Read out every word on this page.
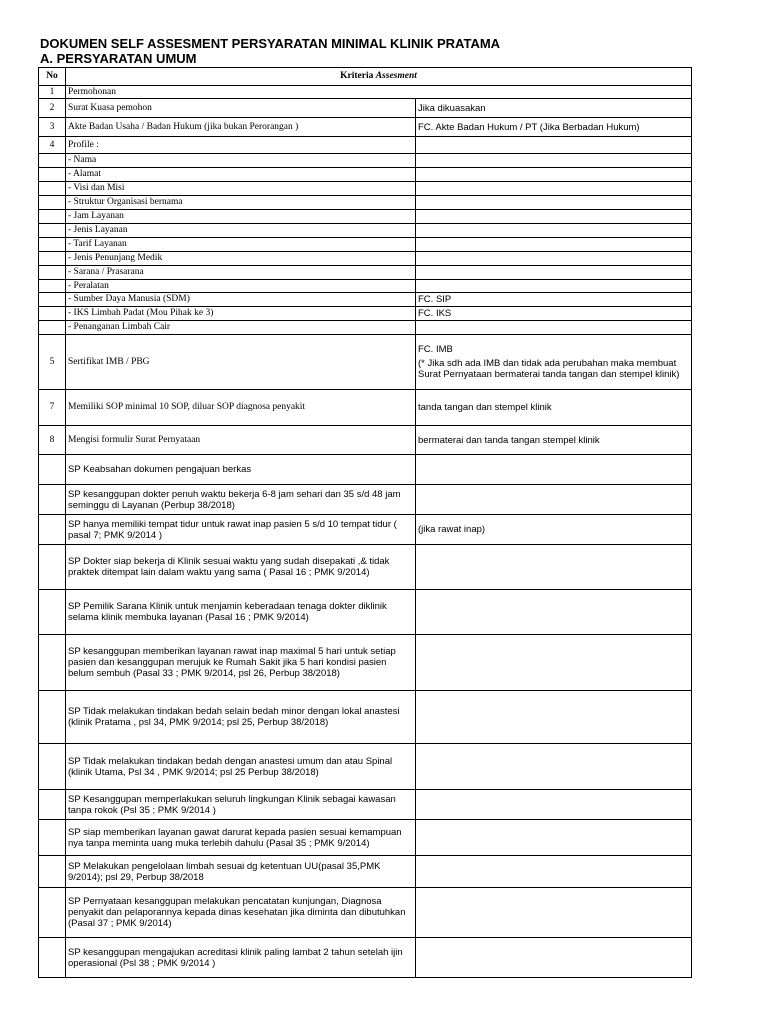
DOKUMEN SELF ASSESMENT PERSYARATAN MINIMAL KLINIK PRATAMA
A. PERSYARATAN UMUM
No	Kriteria Assesment	
1	Permohonan	
2	Surat Kuasa pemohon	Jika dikuasakan
3	Akte Badan Usaha / Badan Hukum (jika bukan Perorangan )	FC. Akte Badan Hukum / PT (Jika Berbadan Hukum)
4	Profile :	
	- Nama	
	- Alamat	
	- Visi dan Misi	
	- Struktur Organisasi bernama	
	- Jam Layanan	
	- Jenis Layanan	
	- Tarif Layanan	
	- Jenis Penunjang Medik	
	- Sarana / Prasarana	
	- Peralatan	
	- Sumber Daya Manusia (SDM)	FC. SIP
	- IKS Limbah Padat (Mou Pihak ke 3)	FC. IKS
	- Penanganan Limbah Cair	
5	Sertifikat IMB / PBG	FC. IMB
(* Jika sdh ada IMB dan tidak ada perubahan maka membuat Surat Pernyataan bermaterai tanda tangan dan stempel klinik)

7	Memiliki SOP minimal 10 SOP, diluar SOP diagnosa penyakit	tanda tangan dan stempel klinik
8	Mengisi formulir Surat Pernyataan	bermaterai dan tanda tangan stempel klinik
	SP Keabsahan dokumen pengajuan berkas	
	SP kesanggupan dokter penuh waktu bekerja 6-8 jam sehari dan 35 s/d 48 jam seminggu di Layanan (Perbup 38/2018)	
	SP hanya memiliki tempat tidur untuk rawat inap pasien 5 s/d 10 tempat tidur ( pasal 7; PMK 9/2014 )	(jika rawat inap)
	SP Dokter siap bekerja di Klinik sesuai waktu yang sudah disepakati ,& tidak praktek ditempat lain dalam waktu yang sama ( Pasal 16 ; PMK 9/2014)	
	SP Pemilik Sarana Klinik untuk menjamin keberadaan tenaga dokter diklinik selama klinik membuka layanan (Pasal 16 ; PMK 9/2014)	
	SP kesanggupan memberikan layanan rawat inap maximal 5 hari untuk setiap pasien dan kesanggupan merujuk ke Rumah Sakit jika 5 hari kondisi pasien belum sembuh (Pasal 33 ; PMK 9/2014, psl 26, Perbup 38/2018)	
	SP Tidak melakukan tindakan bedah selain bedah minor dengan lokal anastesi (klinik Pratama , psl 34, PMK 9/2014; psl 25, Perbup 38/2018)	
	SP Tidak melakukan tindakan bedah dengan anastesi umum dan atau Spinal (klinik Utama, Psl 34 , PMK 9/2014; psl 25 Perbup 38/2018)	
	SP Kesanggupan memperlakukan seluruh lingkungan Klinik sebagai kawasan tanpa rokok (Psl 35 ; PMK 9/2014 )	
	SP siap memberikan layanan gawat darurat kepada pasien sesuai kemampuan nya tanpa meminta uang muka terlebih dahulu (Pasal 35 ; PMK 9/2014)	
	SP Melakukan pengelolaan limbah sesuai dg ketentuan UU(pasal 35,PMK 9/2014); psl 29, Perbup 38/2018	
	SP Pernyataan kesanggupan melakukan pencatatan kunjungan, Diagnosa penyakit dan pelaporannya kepada dinas kesehatan jika diminta dan dibutuhkan (Pasal 37 ; PMK 9/2014)	
	SP kesanggupan mengajukan acreditasi klinik paling lambat 2 tahun setelah ijin operasional (Psl 38 ; PMK 9/2014 )	
